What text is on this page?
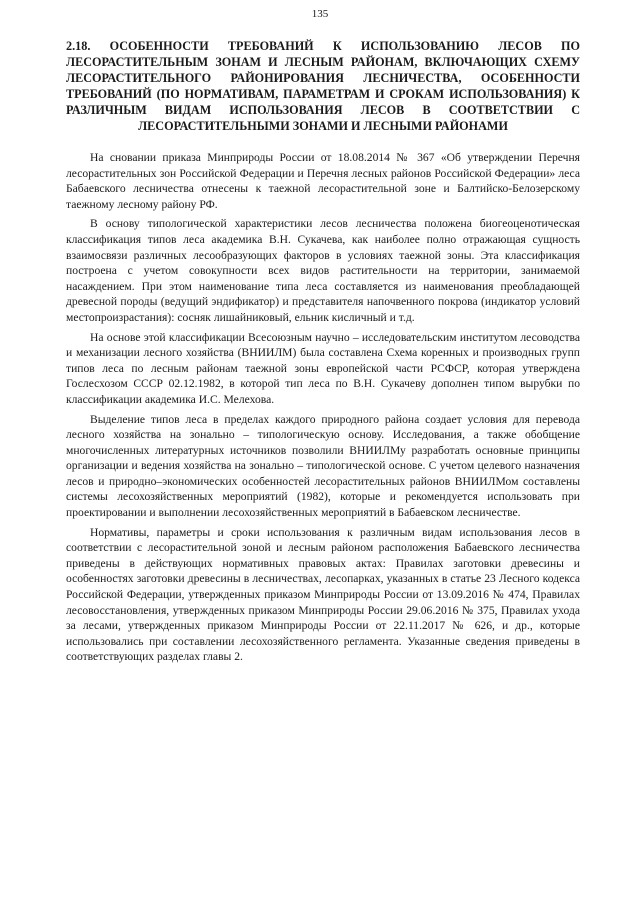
135
2.18. ОСОБЕННОСТИ ТРЕБОВАНИЙ К ИСПОЛЬЗОВАНИЮ ЛЕСОВ ПО ЛЕСОРАСТИТЕЛЬНЫМ ЗОНАМ И ЛЕСНЫМ РАЙОНАМ, ВКЛЮЧАЮЩИХ СХЕМУ ЛЕСОРАСТИТЕЛЬНОГО РАЙОНИРОВАНИЯ ЛЕСНИЧЕСТВА, ОСОБЕННОСТИ ТРЕБОВАНИЙ (ПО НОРМАТИВАМ, ПАРАМЕТРАМ И СРОКАМ ИСПОЛЬЗОВАНИЯ) К РАЗЛИЧНЫМ ВИДАМ ИСПОЛЬЗОВАНИЯ ЛЕСОВ В СООТВЕТСТВИИ С ЛЕСОРАСТИТЕЛЬНЫМИ ЗОНАМИ И ЛЕСНЫМИ РАЙОНАМИ

На сновании приказа Минприроды России от 18.08.2014 № 367 «Об утверждении Перечня лесорастительных зон Российской Федерации и Перечня лесных районов Российской Федерации» леса Бабаевского лесничества отнесены к таежной лесорастительной зоне и Балтийско-Белозерскому таежному лесному району РФ.

В основу типологической характеристики лесов лесничества положена биогеоценотическая классификация типов леса академика В.Н. Сукачева, как наиболее полно отражающая сущность взаимосвязи различных лесообразующих факторов в условиях таежной зоны. Эта классификация построена с учетом совокупности всех видов растительности на территории, занимаемой насаждением. При этом наименование типа леса составляется из наименования преобладающей древесной породы (ведущий эндификатор) и представителя напочвенного покрова (индикатор условий местопроизрастания): сосняк лишайниковый, ельник кисличный и т.д.

На основе этой классификации Всесоюзным научно – исследовательским институтом лесоводства и механизации лесного хозяйства (ВНИИЛМ) была составлена Схема коренных и производных групп типов леса по лесным районам таежной зоны европейской части РСФСР, которая утверждена Гослесхозом СССР 02.12.1982, в которой тип леса по В.Н. Сукачеву дополнен типом вырубки по классификации академика И.С. Мелехова.

Выделение типов леса в пределах каждого природного района создает условия для перевода лесного хозяйства на зонально – типологическую основу. Исследования, а также обобщение многочисленных литературных источников позволили ВНИИЛМу разработать основные принципы организации и ведения хозяйства на зонально – типологической основе. С учетом целевого назначения лесов и природно–экономических особенностей лесорастительных районов ВНИИЛМом составлены системы лесохозяйственных мероприятий (1982), которые и рекомендуется использовать при проектировании и выполнении лесохозяйственных мероприятий в Бабаевском лесничестве.

Нормативы, параметры и сроки использования к различным видам использования лесов в соответствии с лесорастительной зоной и лесным районом расположения Бабаевского лесничества приведены в действующих нормативных правовых актах: Правилах заготовки древесины и особенностях заготовки древесины в лесничествах, лесопарках, указанных в статье 23 Лесного кодекса Российской Федерации, утвержденных приказом Минприроды России от 13.09.2016 № 474, Правилах лесовосстановления, утвержденных приказом Минприроды России 29.06.2016 № 375, Правилах ухода за лесами, утвержденных приказом Минприроды России от 22.11.2017 № 626, и др., которые использовались при составлении лесохозяйственного регламента. Указанные сведения приведены в соответствующих разделах главы 2.
